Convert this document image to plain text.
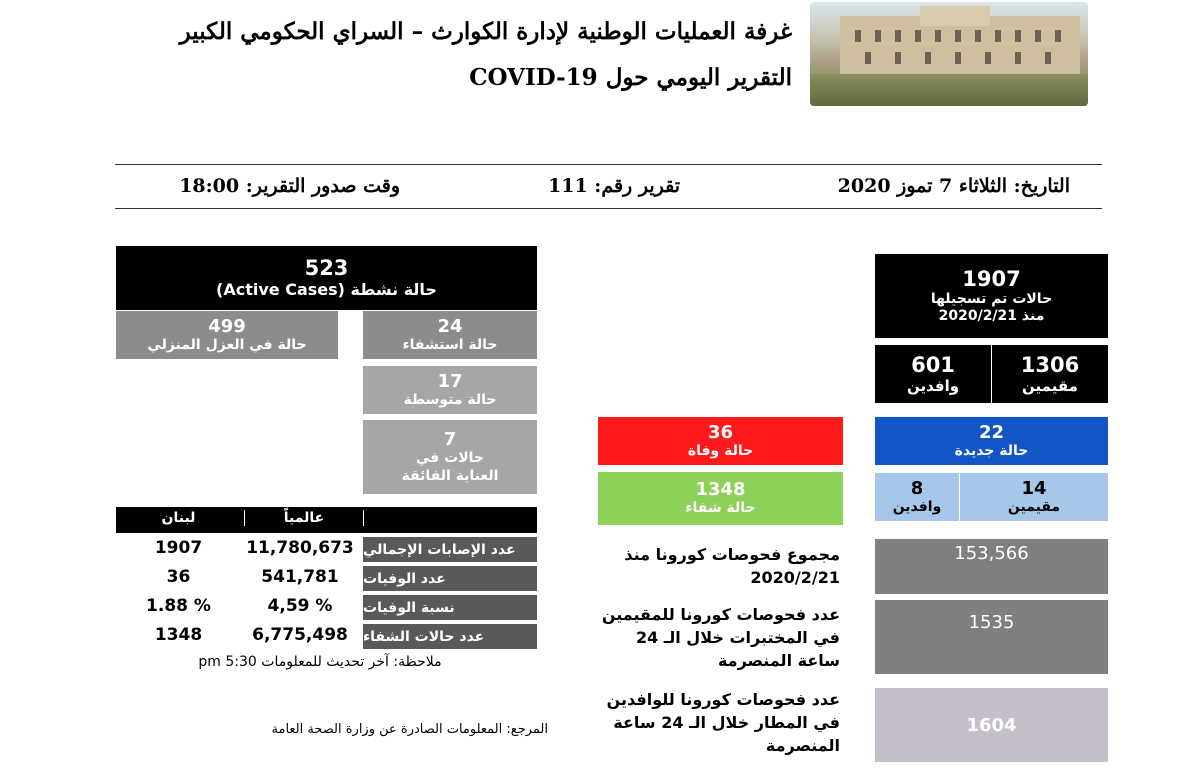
غرفة العمليات الوطنية لإدارة الكوارث – السراي الحكومي الكبير
التقرير اليومي حول COVID-19
التاريخ: الثلاثاء 7 تموز 2020
تقرير رقم: 111
وقت صدور التقرير: 18:00
523
حالة نشطة (Active Cases)
499
حالة في العزل المنزلي
24
حالة استشفاء
17
حالة متوسطة
7
حالات في العناية الفائقة
1907
حالات تم تسجيلها
منذ 2020/2/21
1306
مقيمين
601
وافدين
22
حالة جديدة
14
مقيمين
8
وافدين
36
حالة وفاة
1348
حالة شفاء
لبنان	عالمياً
عدد الإصابات الإجمالي
11,780,673
1907
عدد الوفيات
541,781
36
نسبة الوفيات
4,59 %
1.88 %
عدد حالات الشفاء
6,775,498
1348
ملاحظة: آخر تحديث للمعلومات 5:30 pm
مجموع فحوصات كورونا منذ 2020/2/21
153,566
عدد فحوصات كورونا للمقيمين في المختبرات خلال الـ 24 ساعة المنصرمة
1535
عدد فحوصات كورونا للوافدين في المطار خلال الـ 24 ساعة المنصرمة
1604
المرجع: المعلومات الصادرة عن وزارة الصحة العامة
